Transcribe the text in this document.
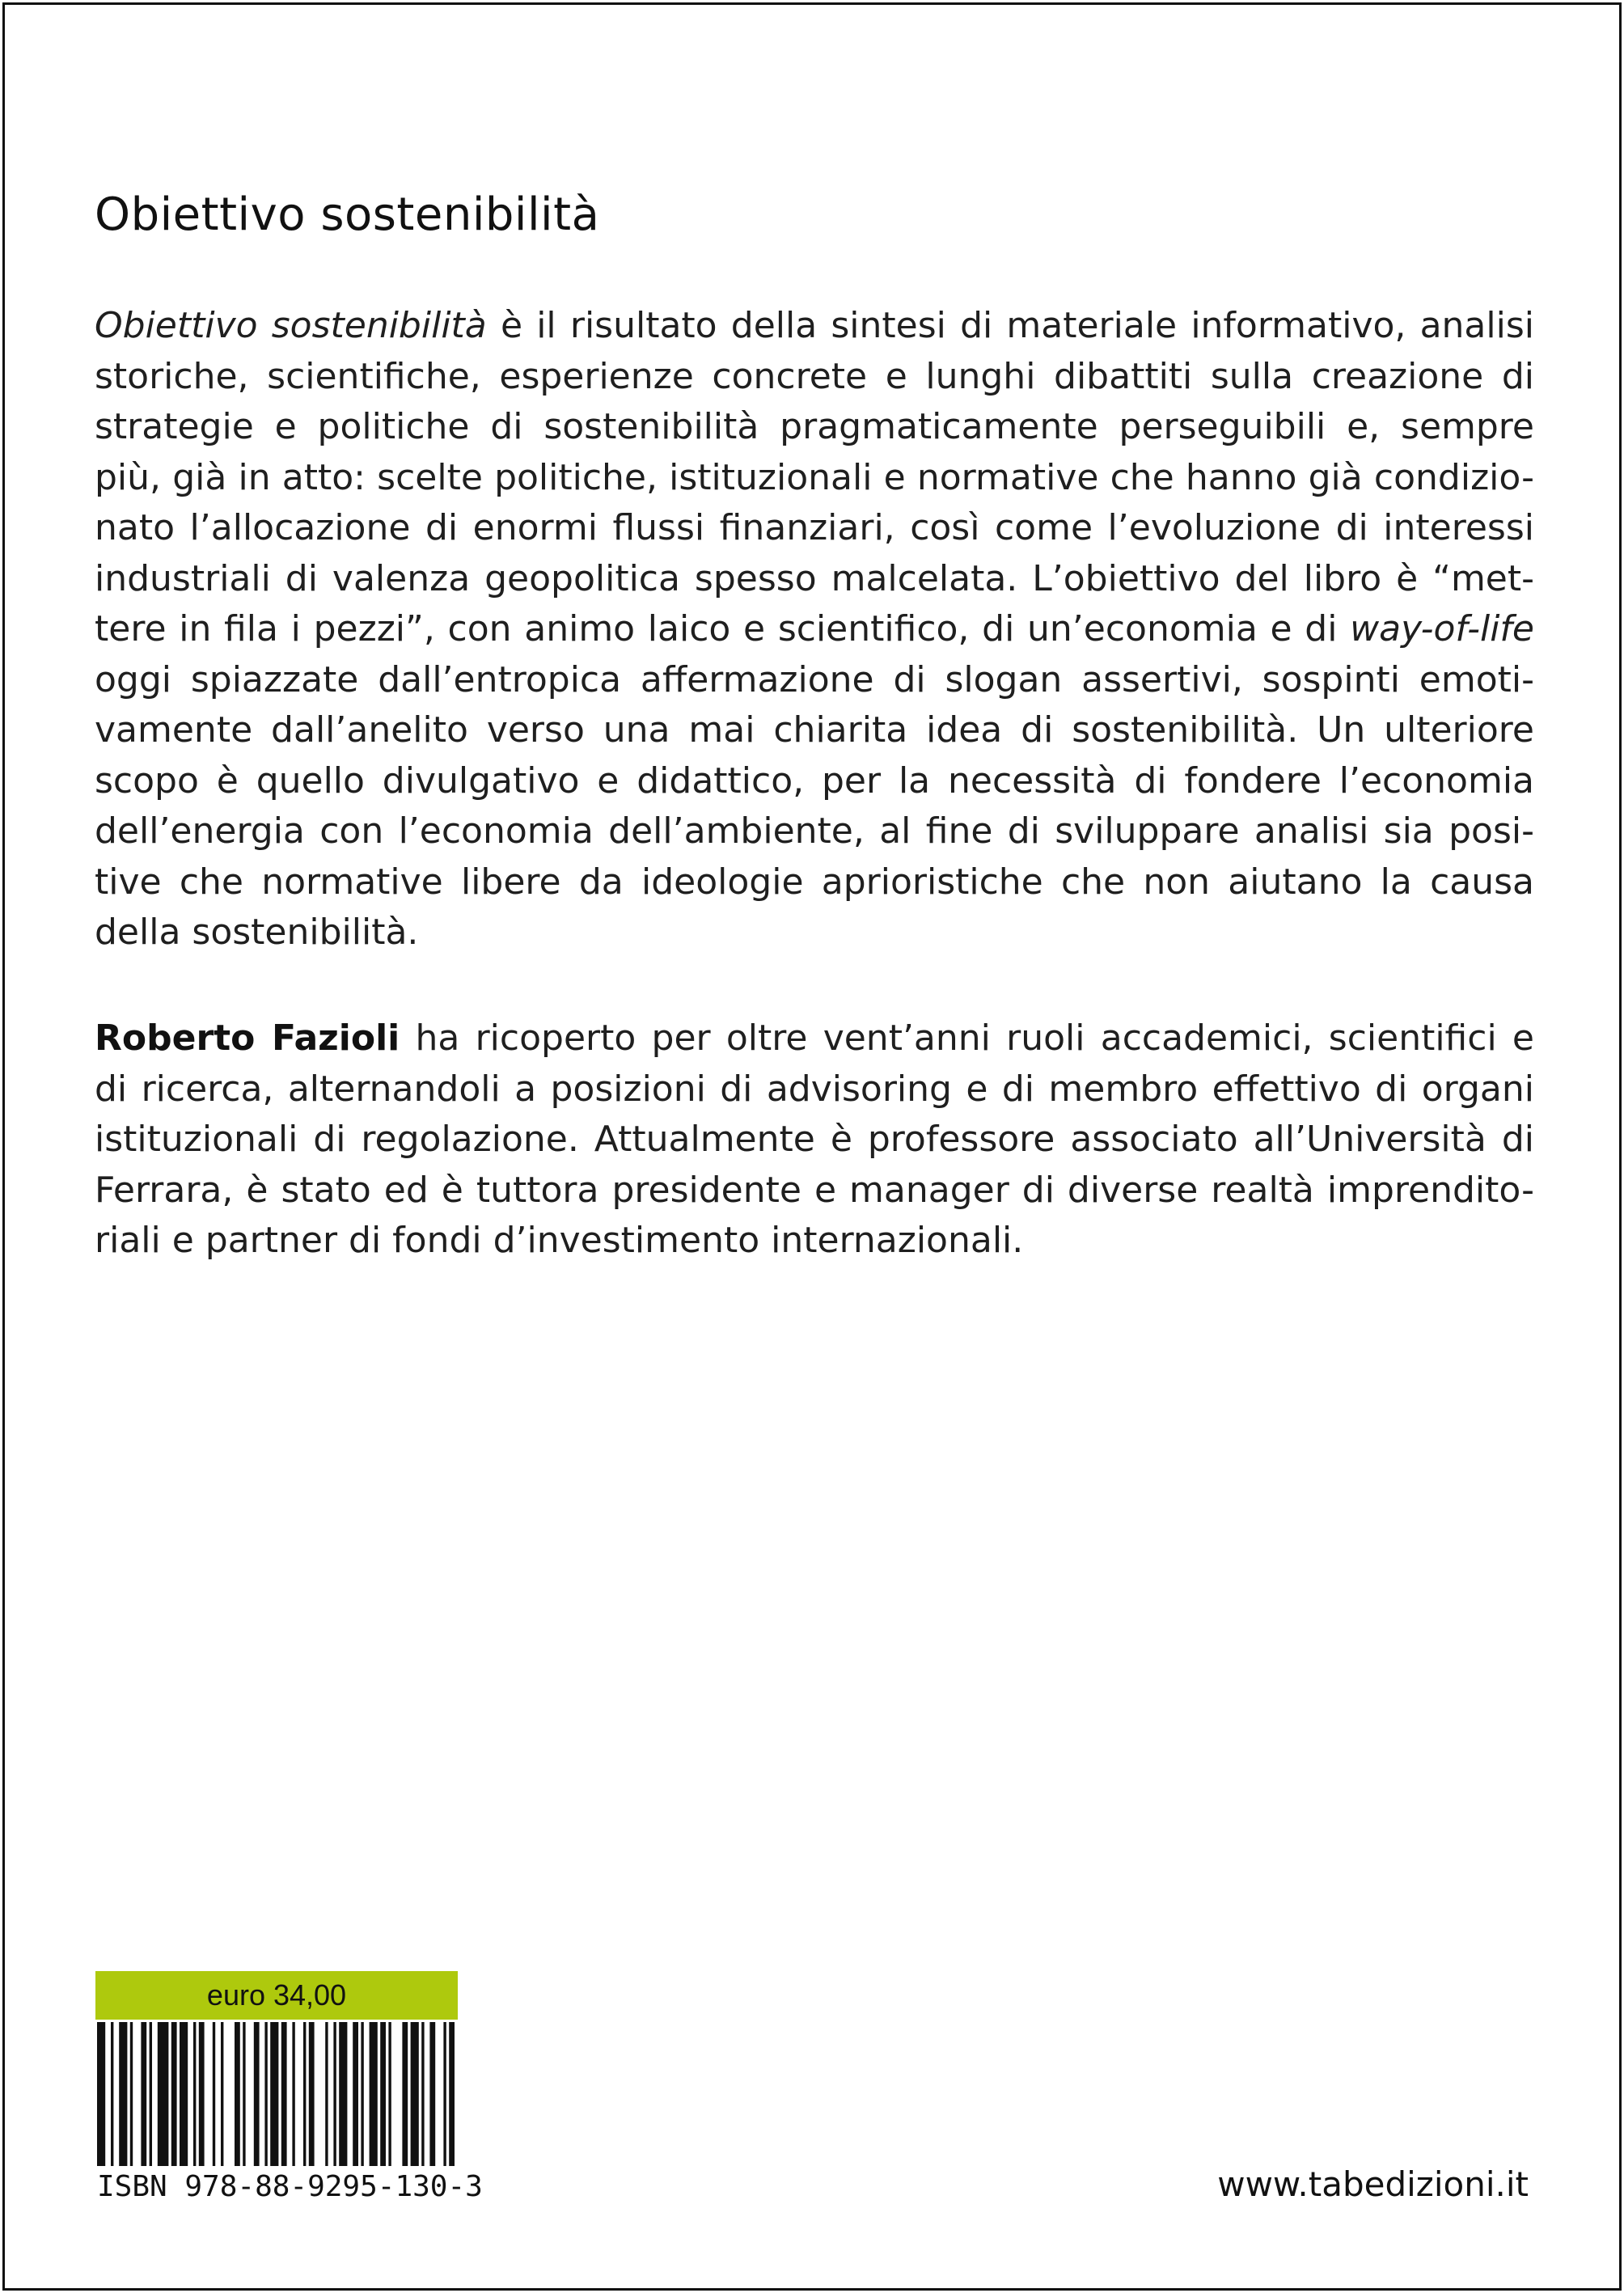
Obiettivo sostenibilità
Obiettivo sostenibilità è il risultato della sintesi di materiale informativo, analisi
storiche, scientifiche, esperienze concrete e lunghi dibattiti sulla creazione di
strategie e politiche di sostenibilità pragmaticamente perseguibili e, sempre
più, già in atto: scelte politiche, istituzionali e normative che hanno già condizio-
nato l’allocazione di enormi flussi finanziari, così come l’evoluzione di interessi
industriali di valenza geopolitica spesso malcelata. L’obiettivo del libro è “met-
tere in fila i pezzi”, con animo laico e scientifico, di un’economia e di way-of-life
oggi spiazzate dall’entropica affermazione di slogan assertivi, sospinti emoti-
vamente dall’anelito verso una mai chiarita idea di sostenibilità. Un ulteriore
scopo è quello divulgativo e didattico, per la necessità di fondere l’economia
dell’energia con l’economia dell’ambiente, al fine di sviluppare analisi sia posi-
tive che normative libere da ideologie aprioristiche che non aiutano la causa
della sostenibilità.
Roberto Fazioli ha ricoperto per oltre vent’anni ruoli accademici, scientifici e
di ricerca, alternandoli a posizioni di advisoring e di membro effettivo di organi
istituzionali di regolazione. Attualmente è professore associato all’Università di
Ferrara, è stato ed è tuttora presidente e manager di diverse realtà imprendito-
riali e partner di fondi d’investimento internazionali.
euro 34,00
ISBN 978-88-9295-130-3	www.tabedizioni.it
